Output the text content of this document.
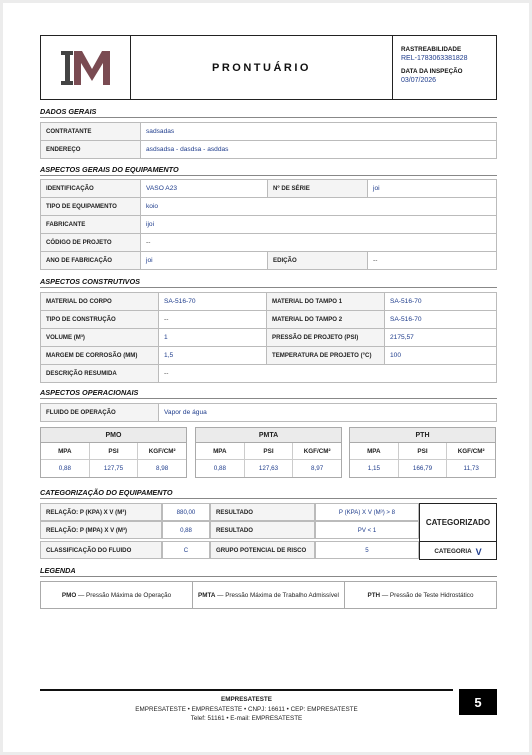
PRONTUÁRIO
RASTREABILIDADE
REL-1783063381828
DATA DA INSPEÇÃO
03/07/2026
DADOS GERAIS
CONTRATANTE	sadsadas
ENDEREÇO	asdsadsa - dasdsa - asddas
ASPECTOS GERAIS DO EQUIPAMENTO
IDENTIFICAÇÃO	VASO A23	Nº DE SÉRIE	joi
TIPO DE EQUIPAMENTO	koio		
FABRICANTE	ijoi		
CÓDIGO DE PROJETO	--		
ANO DE FABRICAÇÃO	joi	EDIÇÃO	--
ASPECTOS CONSTRUTIVOS
MATERIAL DO CORPO	SA-516-70	MATERIAL DO TAMPO 1	SA-516-70
TIPO DE CONSTRUÇÃO	--	MATERIAL DO TAMPO 2	SA-516-70
VOLUME (M³)	1	PRESSÃO DE PROJETO (PSI)	2175,57
MARGEM DE CORROSÃO (MM)	1,5	TEMPERATURA DE PROJETO (°C)	100
DESCRIÇÃO RESUMIDA	--		
ASPECTOS OPERACIONAIS
FLUIDO DE OPERAÇÃO	Vapor de água
PMO
MPA	PSI	KGF/CM²
0,88	127,75	8,98
PMTA
MPA	PSI	KGF/CM²
0,88	127,63	8,97
PTH
MPA	PSI	KGF/CM²
1,15	166,79	11,73
CATEGORIZAÇÃO DO EQUIPAMENTO
RELAÇÃO: P (KPA) X V (M³)	880,00	RESULTADO	P (KPA) X V (M³) > 8
RELAÇÃO: P (MPA) X V (M³)	0,88	RESULTADO	PV < 1
CLASSIFICAÇÃO DO FLUIDO	C	GRUPO POTENCIAL DE RISCO	5
CATEGORIZADO
CATEGORIA V
LEGENDA
PMO — Pressão Máxima de Operação	PMTA — Pressão Máxima de Trabalho Admissível	PTH — Pressão de Teste Hidrostático
EMPRESATESTE
EMPRESATESTE • EMPRESATESTE • CNPJ: 16611 • CEP: EMPRESATESTE
Telef: 51161 • E-mail: EMPRESATESTE
5
